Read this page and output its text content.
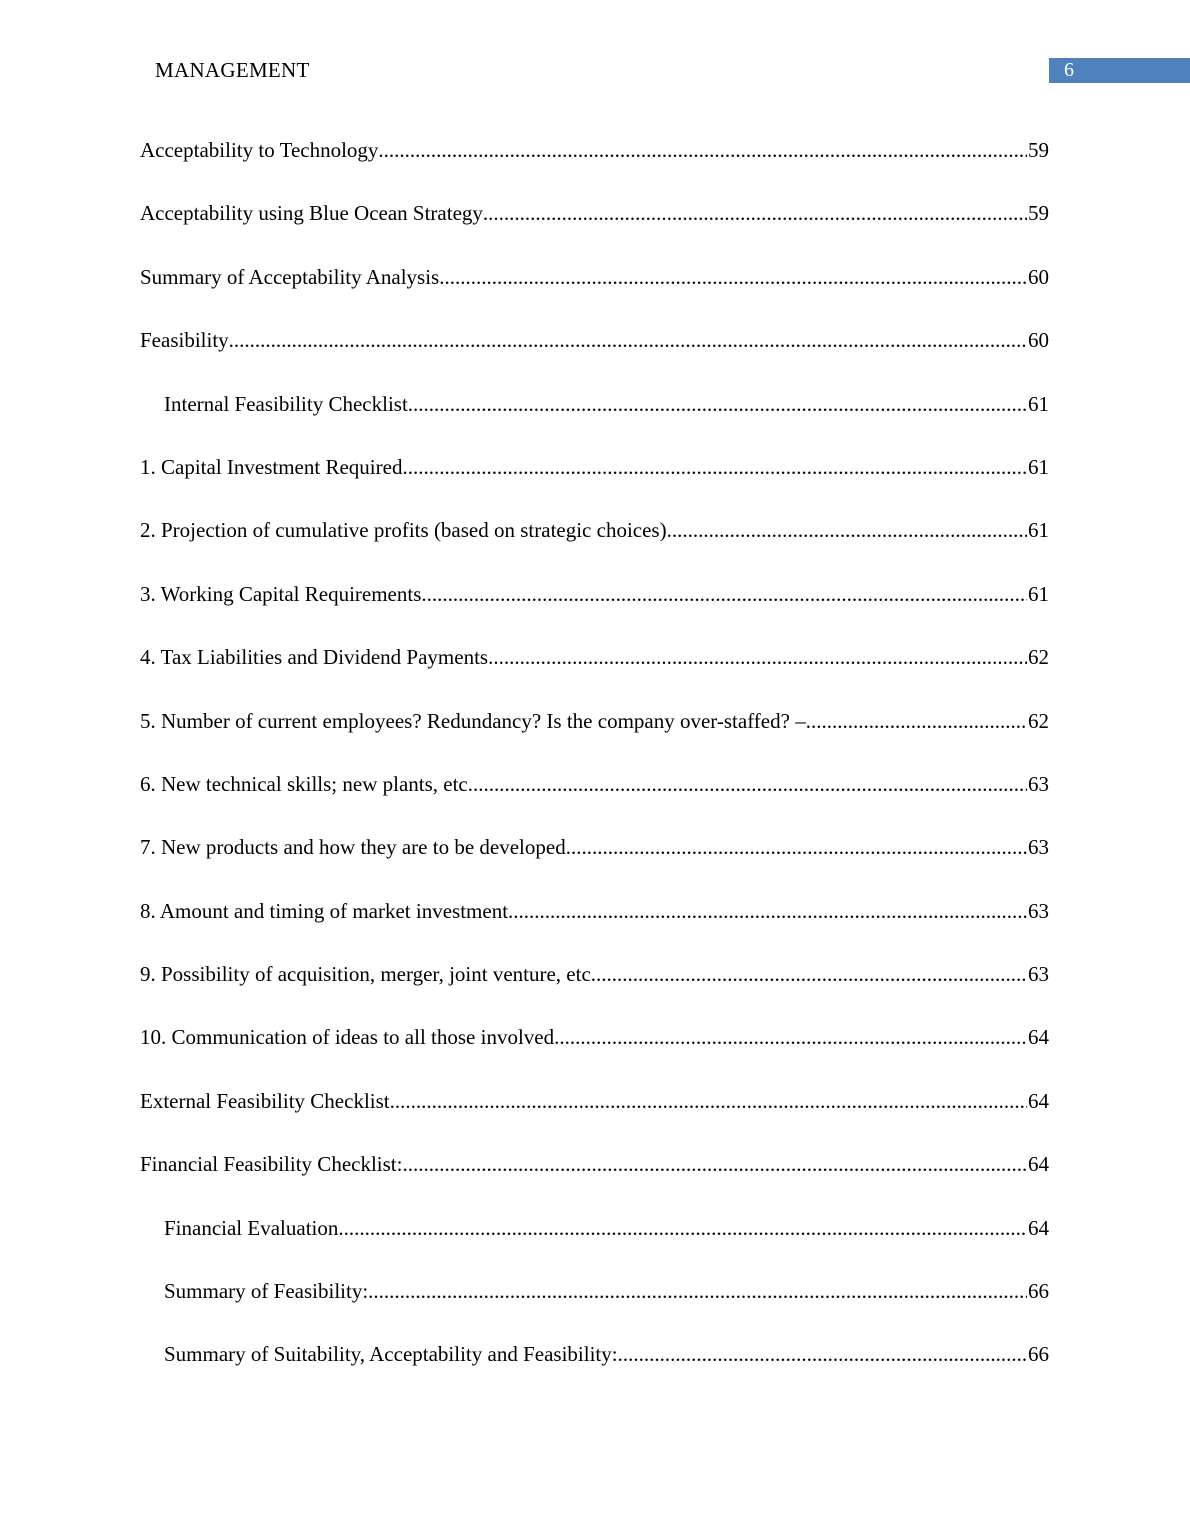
MANAGEMENT	6
Acceptability to Technology .....	59
Acceptability using Blue Ocean Strategy .....	59
Summary of Acceptability Analysis .....	60
Feasibility .....	60
Internal Feasibility Checklist .....	61
1. Capital Investment Required .....	61
2. Projection of cumulative profits (based on strategic choices) .....	61
3. Working Capital Requirements .....	61
4. Tax Liabilities and Dividend Payments .....	62
5. Number of current employees? Redundancy? Is the company over-staffed? – .....	62
6. New technical skills; new plants, etc .....	63
7. New products and how they are to be developed .....	63
8. Amount and timing of market investment .....	63
9. Possibility of acquisition, merger, joint venture, etc .....	63
10. Communication of ideas to all those involved .....	64
External Feasibility Checklist .....	64
Financial Feasibility Checklist: .....	64
Financial Evaluation .....	64
Summary of Feasibility: .....	66
Summary of Suitability, Acceptability and Feasibility: .....	66
